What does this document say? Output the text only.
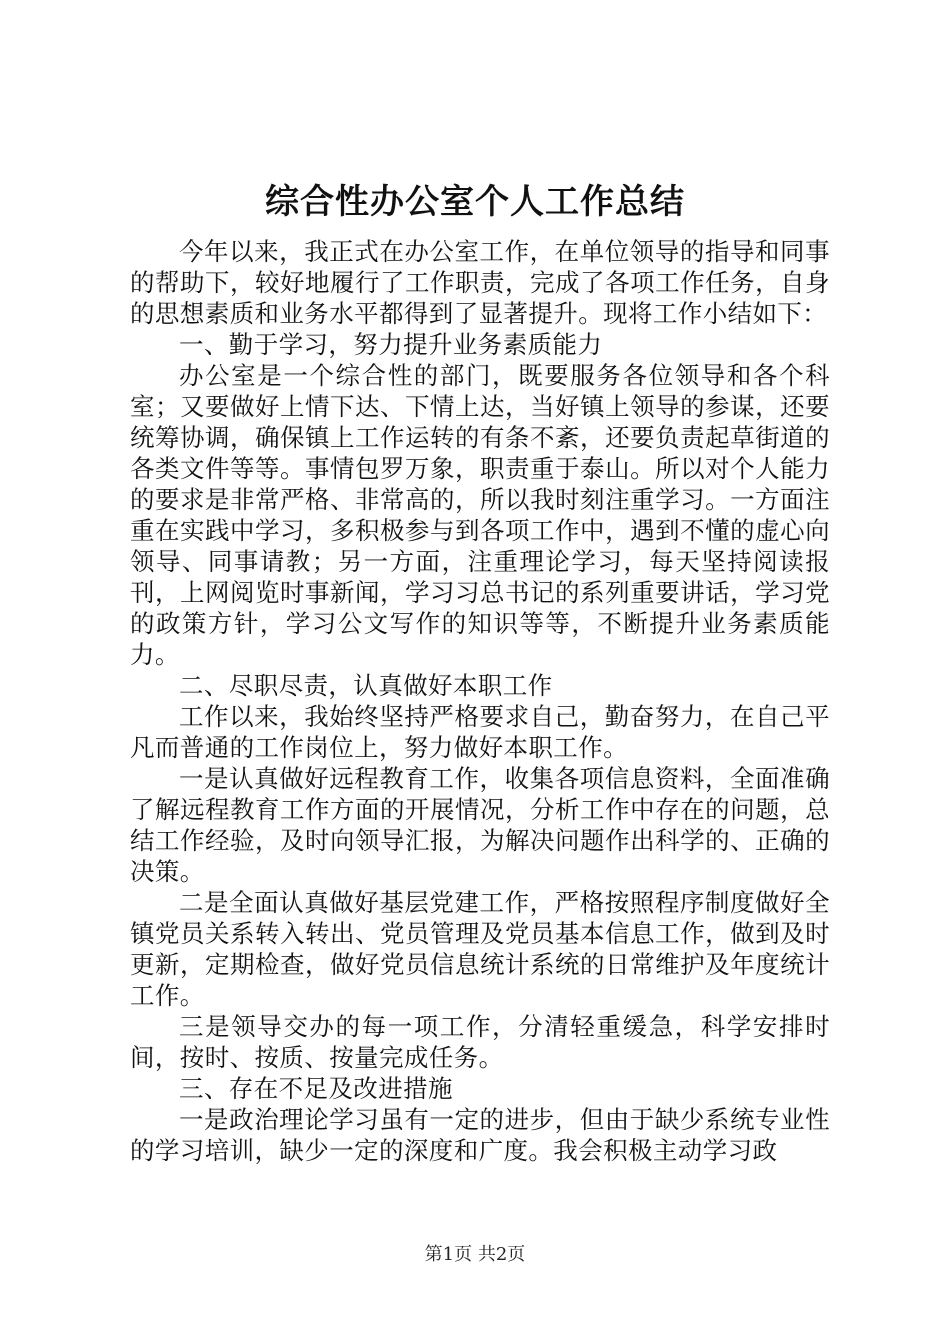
综合性办公室个人工作总结

今年以来，我正式在办公室工作，在单位领导的指导和同事的帮助下，较好地履行了工作职责，完成了各项工作任务，自身的思想素质和业务水平都得到了显著提升。现将工作小结如下：

一、勤于学习，努力提升业务素质能力

办公室是一个综合性的部门，既要服务各位领导和各个科室；又要做好上情下达、下情上达，当好镇上领导的参谋，还要统筹协调，确保镇上工作运转的有条不紊，还要负责起草街道的各类文件等等。事情包罗万象，职责重于泰山。所以对个人能力的要求是非常严格、非常高的，所以我时刻注重学习。一方面注重在实践中学习，多积极参与到各项工作中，遇到不懂的虚心向领导、同事请教；另一方面，注重理论学习，每天坚持阅读报刊，上网阅览时事新闻，学习习总书记的系列重要讲话，学习党的政策方针，学习公文写作的知识等等，不断提升业务素质能力。

二、尽职尽责，认真做好本职工作

工作以来，我始终坚持严格要求自己，勤奋努力，在自己平凡而普通的工作岗位上，努力做好本职工作。

一是认真做好远程教育工作，收集各项信息资料，全面准确了解远程教育工作方面的开展情况，分析工作中存在的问题，总结工作经验，及时向领导汇报，为解决问题作出科学的、正确的决策。

二是全面认真做好基层党建工作，严格按照程序制度做好全镇党员关系转入转出、党员管理及党员基本信息工作，做到及时更新，定期检查，做好党员信息统计系统的日常维护及年度统计工作。

三是领导交办的每一项工作，分清轻重缓急，科学安排时间，按时、按质、按量完成任务。

三、存在不足及改进措施

一是政治理论学习虽有一定的进步，但由于缺少系统专业性的学习培训，缺少一定的深度和广度。我会积极主动学习政

第1页 共2页
